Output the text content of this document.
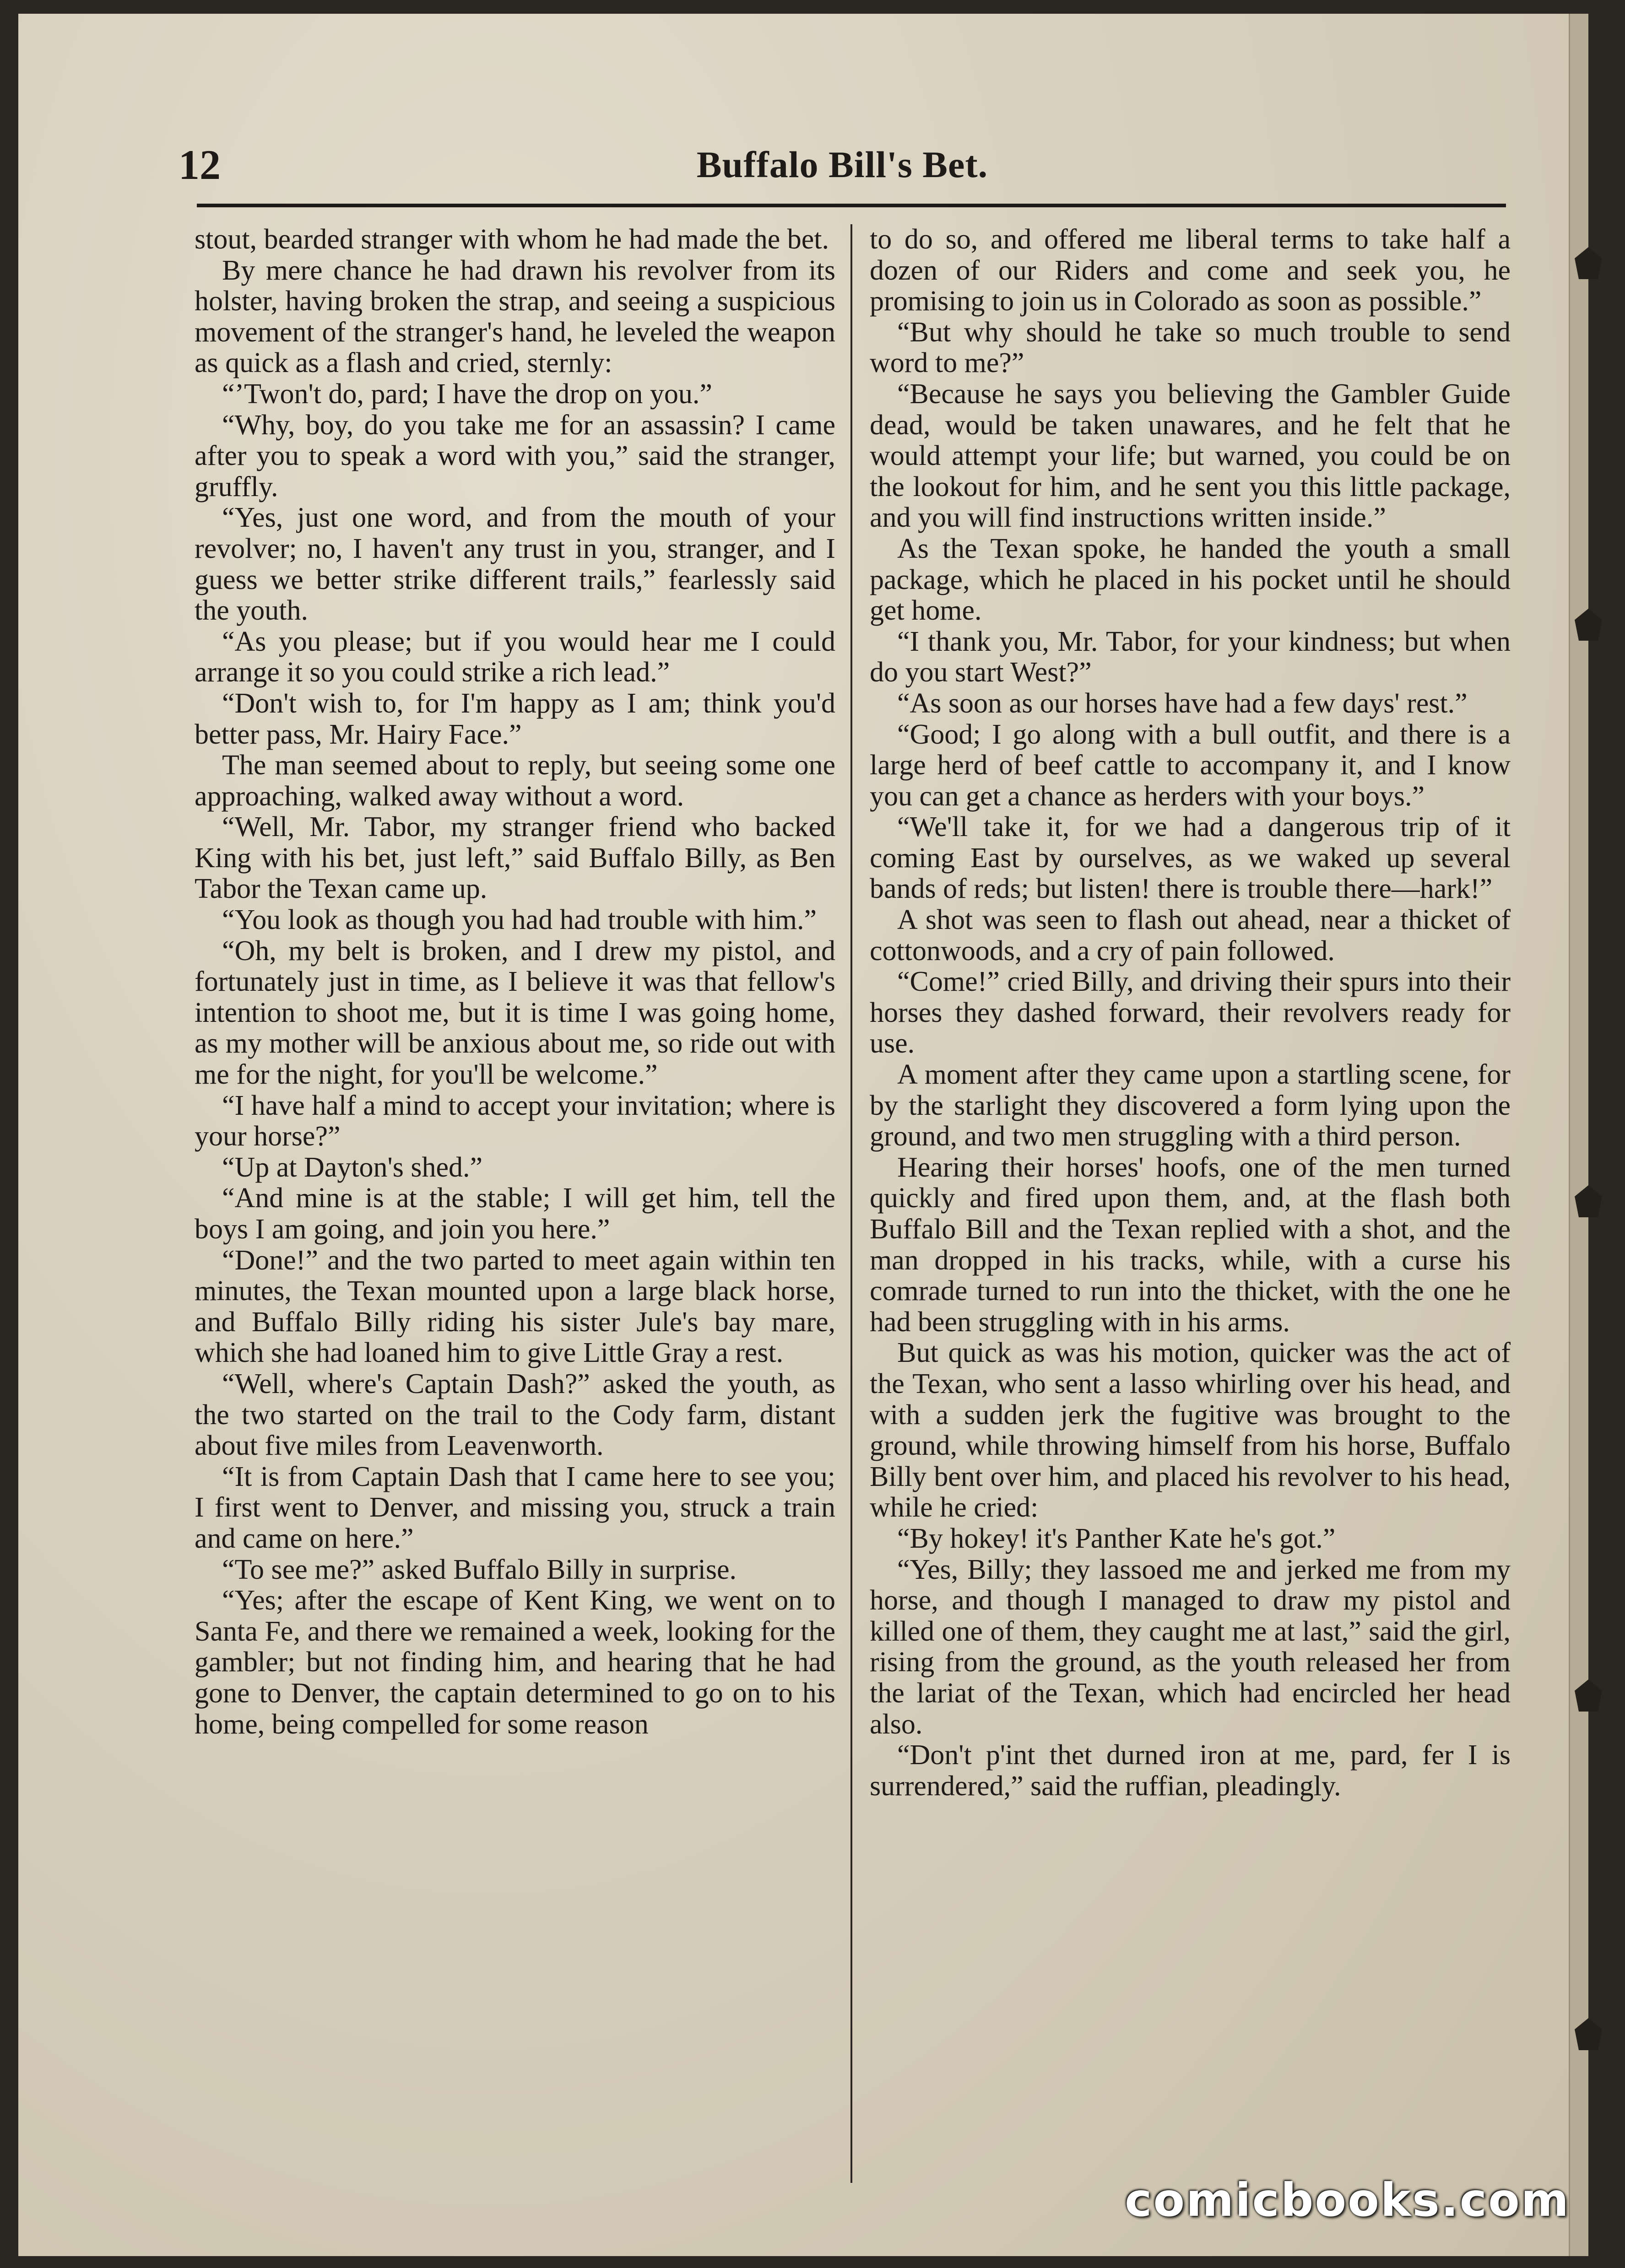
12	Buffalo Bill's Bet.

stout, bearded stranger with whom he had made the bet.

By mere chance he had drawn his revolver from its holster, having broken the strap, and seeing a suspicious movement of the stranger's hand, he leveled the weapon as quick as a flash and cried, sternly:

“’Twon't do, pard; I have the drop on you.”

“Why, boy, do you take me for an assassin? I came after you to speak a word with you,” said the stranger, gruffly.

“Yes, just one word, and from the mouth of your revolver; no, I haven't any trust in you, stranger, and I guess we better strike different trails,” fearlessly said the youth.

“As you please; but if you would hear me I could arrange it so you could strike a rich lead.”

“Don't wish to, for I'm happy as I am; think you'd better pass, Mr. Hairy Face.”

The man seemed about to reply, but seeing some one approaching, walked away without a word.

“Well, Mr. Tabor, my stranger friend who backed King with his bet, just left,” said Buffalo Billy, as Ben Tabor the Texan came up.

“You look as though you had had trouble with him.”

“Oh, my belt is broken, and I drew my pistol, and fortunately just in time, as I believe it was that fellow's intention to shoot me, but it is time I was going home, as my mother will be anxious about me, so ride out with me for the night, for you'll be welcome.”

“I have half a mind to accept your invitation; where is your horse?”

“Up at Dayton's shed.”

“And mine is at the stable; I will get him, tell the boys I am going, and join you here.”

“Done!” and the two parted to meet again within ten minutes, the Texan mounted upon a large black horse, and Buffalo Billy riding his sister Jule's bay mare, which she had loaned him to give Little Gray a rest.

“Well, where's Captain Dash?” asked the youth, as the two started on the trail to the Cody farm, distant about five miles from Leavenworth.

“It is from Captain Dash that I came here to see you; I first went to Denver, and missing you, struck a train and came on here.”

“To see me?” asked Buffalo Billy in surprise.

“Yes; after the escape of Kent King, we went on to Santa Fe, and there we remained a week, looking for the gambler; but not finding him, and hearing that he had gone to Denver, the captain determined to go on to his home, being compelled for some reason

to do so, and offered me liberal terms to take half a dozen of our Riders and come and seek you, he promising to join us in Colorado as soon as possible.”

“But why should he take so much trouble to send word to me?”

“Because he says you believing the Gambler Guide dead, would be taken unawares, and he felt that he would attempt your life; but warned, you could be on the lookout for him, and he sent you this little package, and you will find instructions written inside.”

As the Texan spoke, he handed the youth a small package, which he placed in his pocket until he should get home.

“I thank you, Mr. Tabor, for your kindness; but when do you start West?”

“As soon as our horses have had a few days' rest.”

“Good; I go along with a bull outfit, and there is a large herd of beef cattle to accompany it, and I know you can get a chance as herders with your boys.”

“We'll take it, for we had a dangerous trip of it coming East by ourselves, as we waked up several bands of reds; but listen! there is trouble there—hark!”

A shot was seen to flash out ahead, near a thicket of cottonwoods, and a cry of pain followed.

“Come!” cried Billy, and driving their spurs into their horses they dashed forward, their revolvers ready for use.

A moment after they came upon a startling scene, for by the starlight they discovered a form lying upon the ground, and two men struggling with a third person.

Hearing their horses' hoofs, one of the men turned quickly and fired upon them, and, at the flash both Buffalo Bill and the Texan replied with a shot, and the man dropped in his tracks, while, with a curse his comrade turned to run into the thicket, with the one he had been struggling with in his arms.

But quick as was his motion, quicker was the act of the Texan, who sent a lasso whirling over his head, and with a sudden jerk the fugitive was brought to the ground, while throwing himself from his horse, Buffalo Billy bent over him, and placed his revolver to his head, while he cried:

“By hokey! it's Panther Kate he's got.”

“Yes, Billy; they lassoed me and jerked me from my horse, and though I managed to draw my pistol and killed one of them, they caught me at last,” said the girl, rising from the ground, as the youth released her from the lariat of the Texan, which had encircled her head also.

“Don't p'int thet durned iron at me, pard, fer I is surrendered,” said the ruffian, pleadingly.

comicbooks.com
